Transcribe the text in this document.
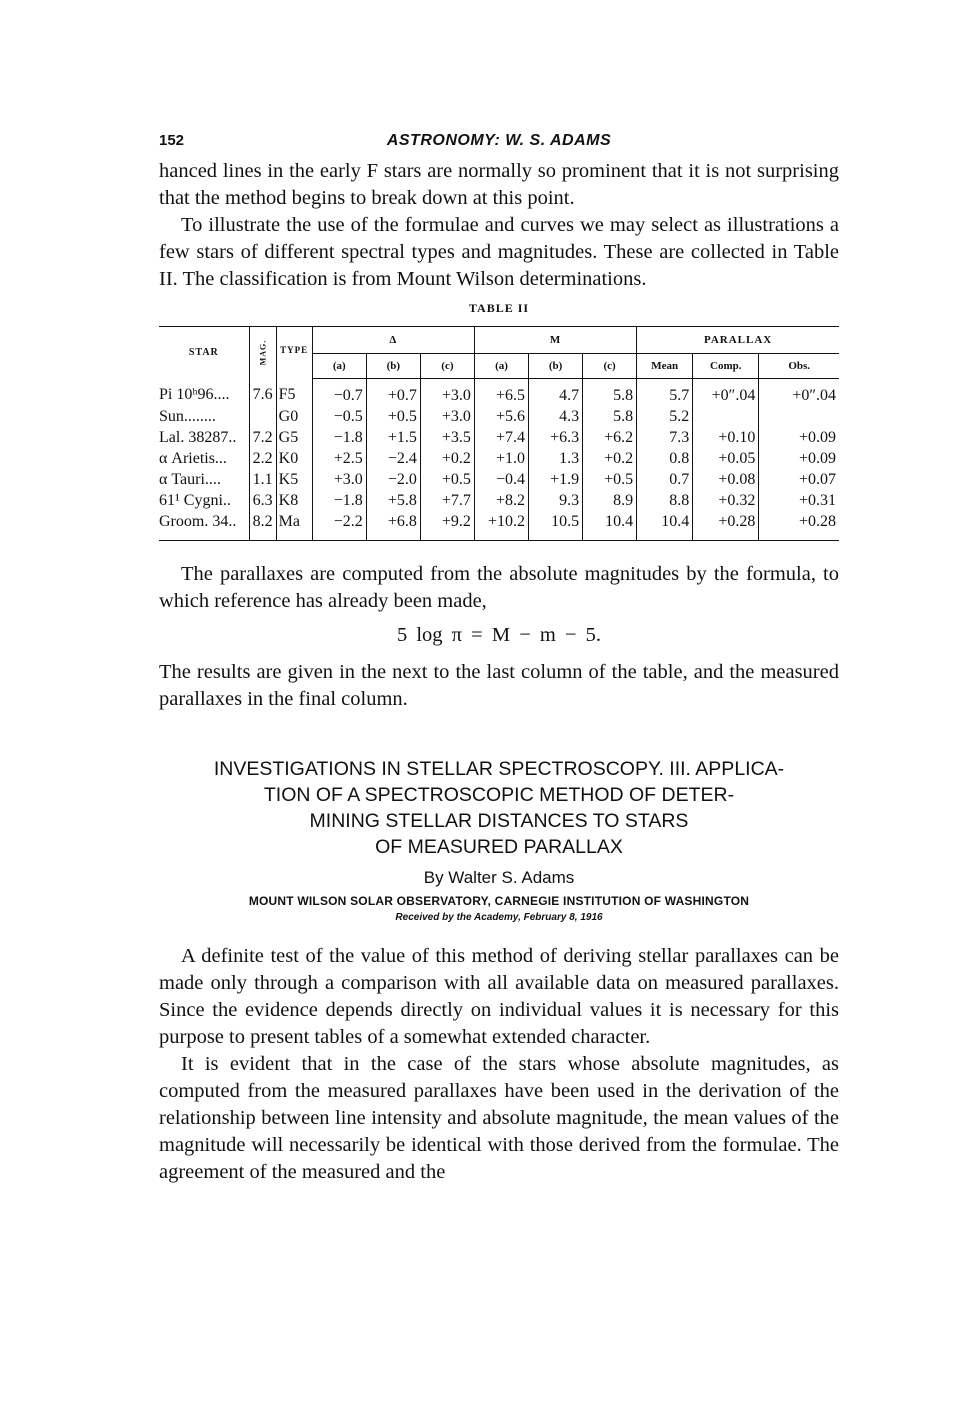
152	ASTRONOMY: W. S. ADAMS

hanced lines in the early F stars are normally so prominent that it is not surprising that the method begins to break down at this point.

To illustrate the use of the formulae and curves we may select as illustrations a few stars of different spectral types and magnitudes. These are collected in Table II. The classification is from Mount Wilson determinations.

TABLE II
STAR	MAG.	TYPE	Δ			M			PARALLAX		
			(a)	(b)	(c)	(a)	(b)	(c)	Mean	Comp.	Obs.
Pi 10ʰ96....	7.6	F5	−0.7	+0.7	+3.0	+6.5	4.7	5.8	5.7	+0″.04	+0″.04
Sun........		G0	−0.5	+0.5	+3.0	+5.6	4.3	5.8	5.2		
Lal. 38287..	7.2	G5	−1.8	+1.5	+3.5	+7.4	+6.3	+6.2	7.3	+0.10	+0.09
α Arietis...	2.2	K0	+2.5	−2.4	+0.2	+1.0	1.3	+0.2	0.8	+0.05	+0.09
α Tauri....	1.1	K5	+3.0	−2.0	+0.5	−0.4	+1.9	+0.5	0.7	+0.08	+0.07
61¹ Cygni..	6.3	K8	−1.8	+5.8	+7.7	+8.2	9.3	8.9	8.8	+0.32	+0.31
Groom. 34..	8.2	Ma	−2.2	+6.8	+9.2	+10.2	10.5	10.4	10.4	+0.28	+0.28

The parallaxes are computed from the absolute magnitudes by the formula, to which reference has already been made,

5 log π = M − m − 5.

The results are given in the next to the last column of the table, and the measured parallaxes in the final column.

INVESTIGATIONS IN STELLAR SPECTROSCOPY. III. APPLICA-
TION OF A SPECTROSCOPIC METHOD OF DETER-
MINING STELLAR DISTANCES TO STARS
OF MEASURED PARALLAX
By Walter S. Adams
MOUNT WILSON SOLAR OBSERVATORY, CARNEGIE INSTITUTION OF WASHINGTON
Received by the Academy, February 8, 1916

A definite test of the value of this method of deriving stellar parallaxes can be made only through a comparison with all available data on measured parallaxes. Since the evidence depends directly on individual values it is necessary for this purpose to present tables of a somewhat extended character.

It is evident that in the case of the stars whose absolute magnitudes, as computed from the measured parallaxes have been used in the derivation of the relationship between line intensity and absolute magnitude, the mean values of the magnitude will necessarily be identical with those derived from the formulae. The agreement of the measured and the
